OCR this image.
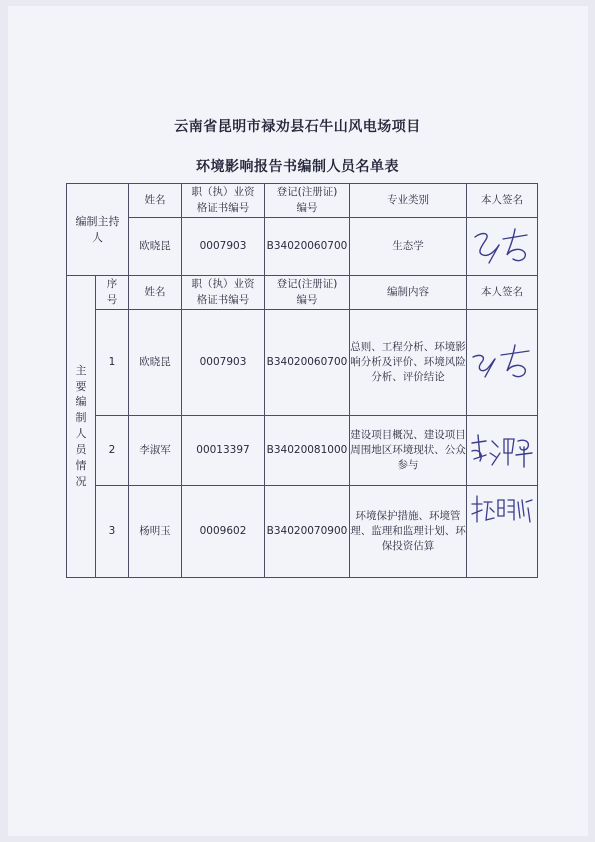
云南省昆明市禄劝县石牛山风电场项目
环境影响报告书编制人员名单表
编制主持人		姓名	职（执）业资格证书编号	登记(注册证)编号	专业类别	本人签名
		欧晓昆	0007903	B34020060700	生态学	

主要编制人员情况	序号	姓名	职（执）业资格证书编号	登记(注册证)编号	编制内容	本人签名
	1	欧晓昆	0007903	B34020060700	总则、工程分析、环境影响分析及评价、环境风险分析、评价结论	

	2	李淑军	00013397	B34020081000	建设项目概况、建设项目周围地区环境现状、公众参与	

	3	杨明玉	0009602	B34020070900	环境保护措施、环境管理、监理和监理计划、环保投资估算	
